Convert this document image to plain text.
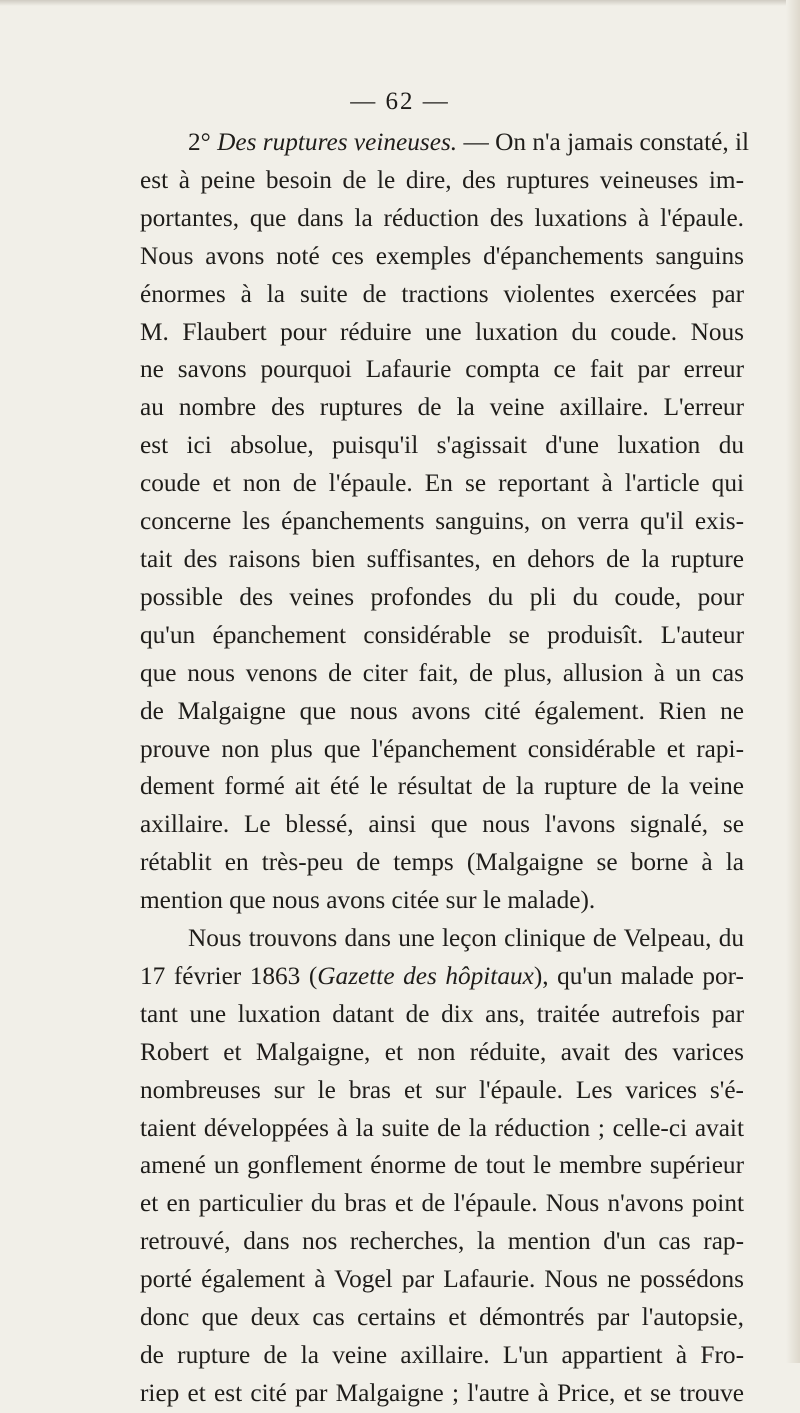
— 62 —

2° Des ruptures veineuses. — On n'a jamais constaté, il
est à peine besoin de le dire, des ruptures veineuses im-
portantes, que dans la réduction des luxations à l'épaule.
Nous avons noté ces exemples d'épanchements sanguins
énormes à la suite de tractions violentes exercées par
M. Flaubert pour réduire une luxation du coude. Nous
ne savons pourquoi Lafaurie compta ce fait par erreur
au nombre des ruptures de la veine axillaire. L'erreur
est ici absolue, puisqu'il s'agissait d'une luxation du
coude et non de l'épaule. En se reportant à l'article qui
concerne les épanchements sanguins, on verra qu'il exis-
tait des raisons bien suffisantes, en dehors de la rupture
possible des veines profondes du pli du coude, pour
qu'un épanchement considérable se produisît. L'auteur
que nous venons de citer fait, de plus, allusion à un cas
de Malgaigne que nous avons cité également. Rien ne
prouve non plus que l'épanchement considérable et rapi-
dement formé ait été le résultat de la rupture de la veine
axillaire. Le blessé, ainsi que nous l'avons signalé, se
rétablit en très-peu de temps (Malgaigne se borne à la
mention que nous avons citée sur le malade).

Nous trouvons dans une leçon clinique de Velpeau, du
17 février 1863 (Gazette des hôpitaux), qu'un malade por-
tant une luxation datant de dix ans, traitée autrefois par
Robert et Malgaigne, et non réduite, avait des varices
nombreuses sur le bras et sur l'épaule. Les varices s'é-
taient développées à la suite de la réduction ; celle-ci avait
amené un gonflement énorme de tout le membre supérieur
et en particulier du bras et de l'épaule. Nous n'avons point
retrouvé, dans nos recherches, la mention d'un cas rap-
porté également à Vogel par Lafaurie. Nous ne possédons
donc que deux cas certains et démontrés par l'autopsie,
de rupture de la veine axillaire. L'un appartient à Fro-
riep et est cité par Malgaigne ; l'autre à Price, et se trouve
